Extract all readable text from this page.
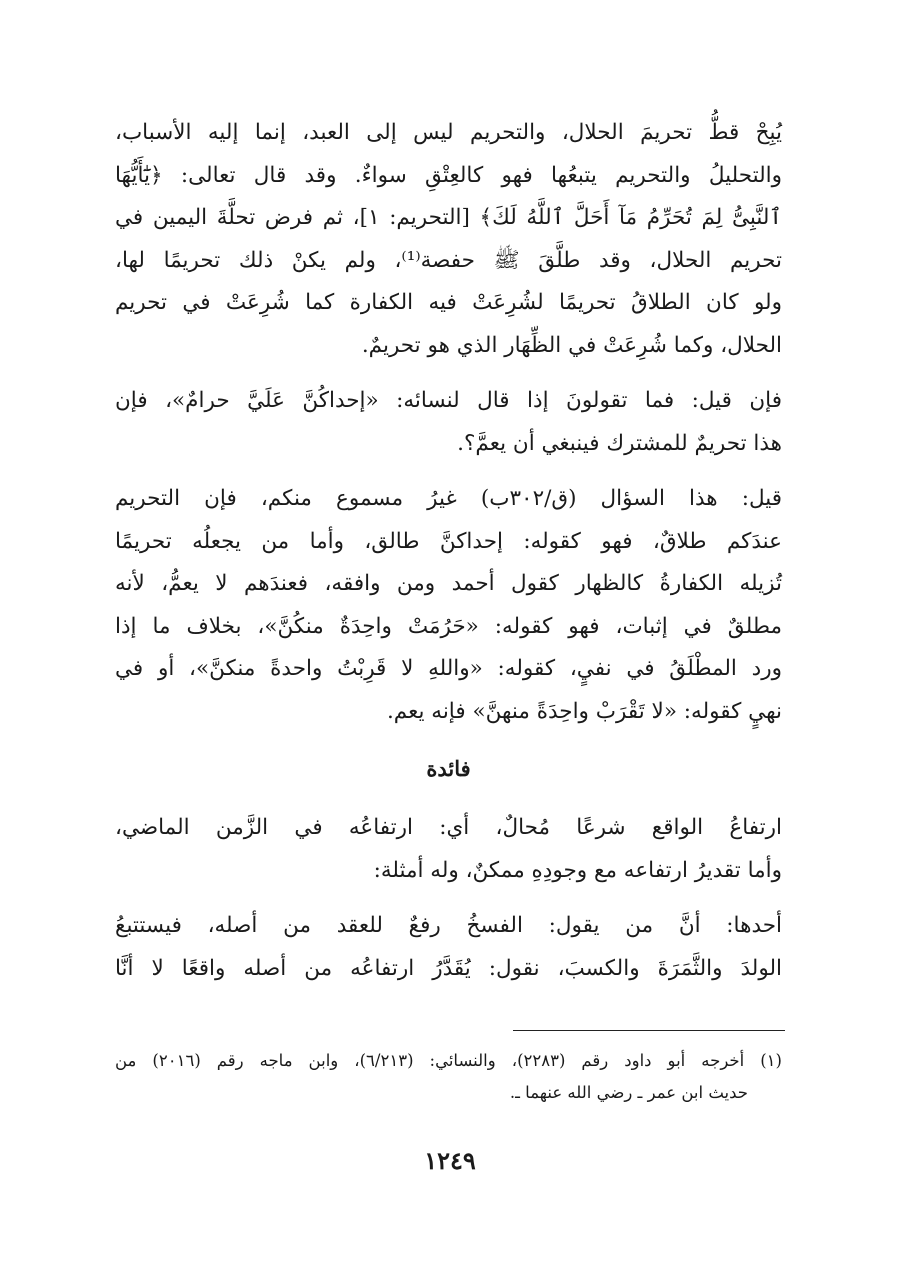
يُبِحْ قطُّ تحريمَ الحلال، والتحريم ليس إلى العبد، إنما إليه الأسباب،
والتحليلُ والتحريم يتبعُها فهو كالعِتْقِ سواءٌ. وقد قال تعالى: ﴿يَٰٓأَيُّهَا
ٱلنَّبِىُّ لِمَ تُحَرِّمُ مَآ أَحَلَّ ٱللَّهُ لَكَ﴾ [التحريم: ١]، ثم فرض تحلَّةَ اليمين في
تحريم الحلال، وقد طلَّقَ ﷺ حفصة⁽¹⁾، ولم يكنْ ذلك تحريمًا لها،
ولو كان الطلاقُ تحريمًا لشُرِعَتْ فيه الكفارة كما شُرِعَتْ في تحريم
الحلال، وكما شُرِعَتْ في الظِّهَار الذي هو تحريمٌ.

فإن قيل: فما تقولونَ إذا قال لنسائه: «إحداكُنَّ عَلَيَّ حرامٌ»، فإن
هذا تحريمٌ للمشترك فينبغي أن يعمَّ؟.

قيل: هذا السؤال (ق/٣٠٢ب) غيرُ مسموع منكم، فإن التحريم
عندَكم طلاقٌ، فهو كقوله: إحداكنَّ طالق، وأما من يجعلُه تحريمًا
تُزيله الكفارةُ كالظهار كقول أحمد ومن وافقه، فعندَهم لا يعمُّ، لأنه
مطلقٌ في إثبات، فهو كقوله: «حَرُمَتْ واحِدَةٌ منكُنَّ»، بخلاف ما إذا
ورد المطْلَقُ في نفيٍ، كقوله: «واللهِ لا قَرِبْتُ واحدةً منكنَّ»، أو في
نهيٍ كقوله: «لا تَقْرَبْ واحِدَةً منهنَّ» فإنه يعم.

فائدة

ارتفاعُ الواقع شرعًا مُحالٌ، أي: ارتفاعُه في الزَّمن الماضي،
وأما تقديرُ ارتفاعه مع وجودِهِ ممكنٌ، وله أمثلة:

أحدها: أنَّ من يقول: الفسخُ رفعٌ للعقد من أصله، فيستتبعُ
الولدَ والثَّمَرَةَ والكسبَ، نقول: يُقَدَّرُ ارتفاعُه من أصله واقعًا لا أنَّا

(١) أخرجه أبو داود رقم (٢٢٨٣)، والنسائي: (٦/٢١٣)، وابن ماجه رقم (٢٠١٦) من
حديث ابن عمر ـ رضي الله عنهما ـ.
١٢٤٩
